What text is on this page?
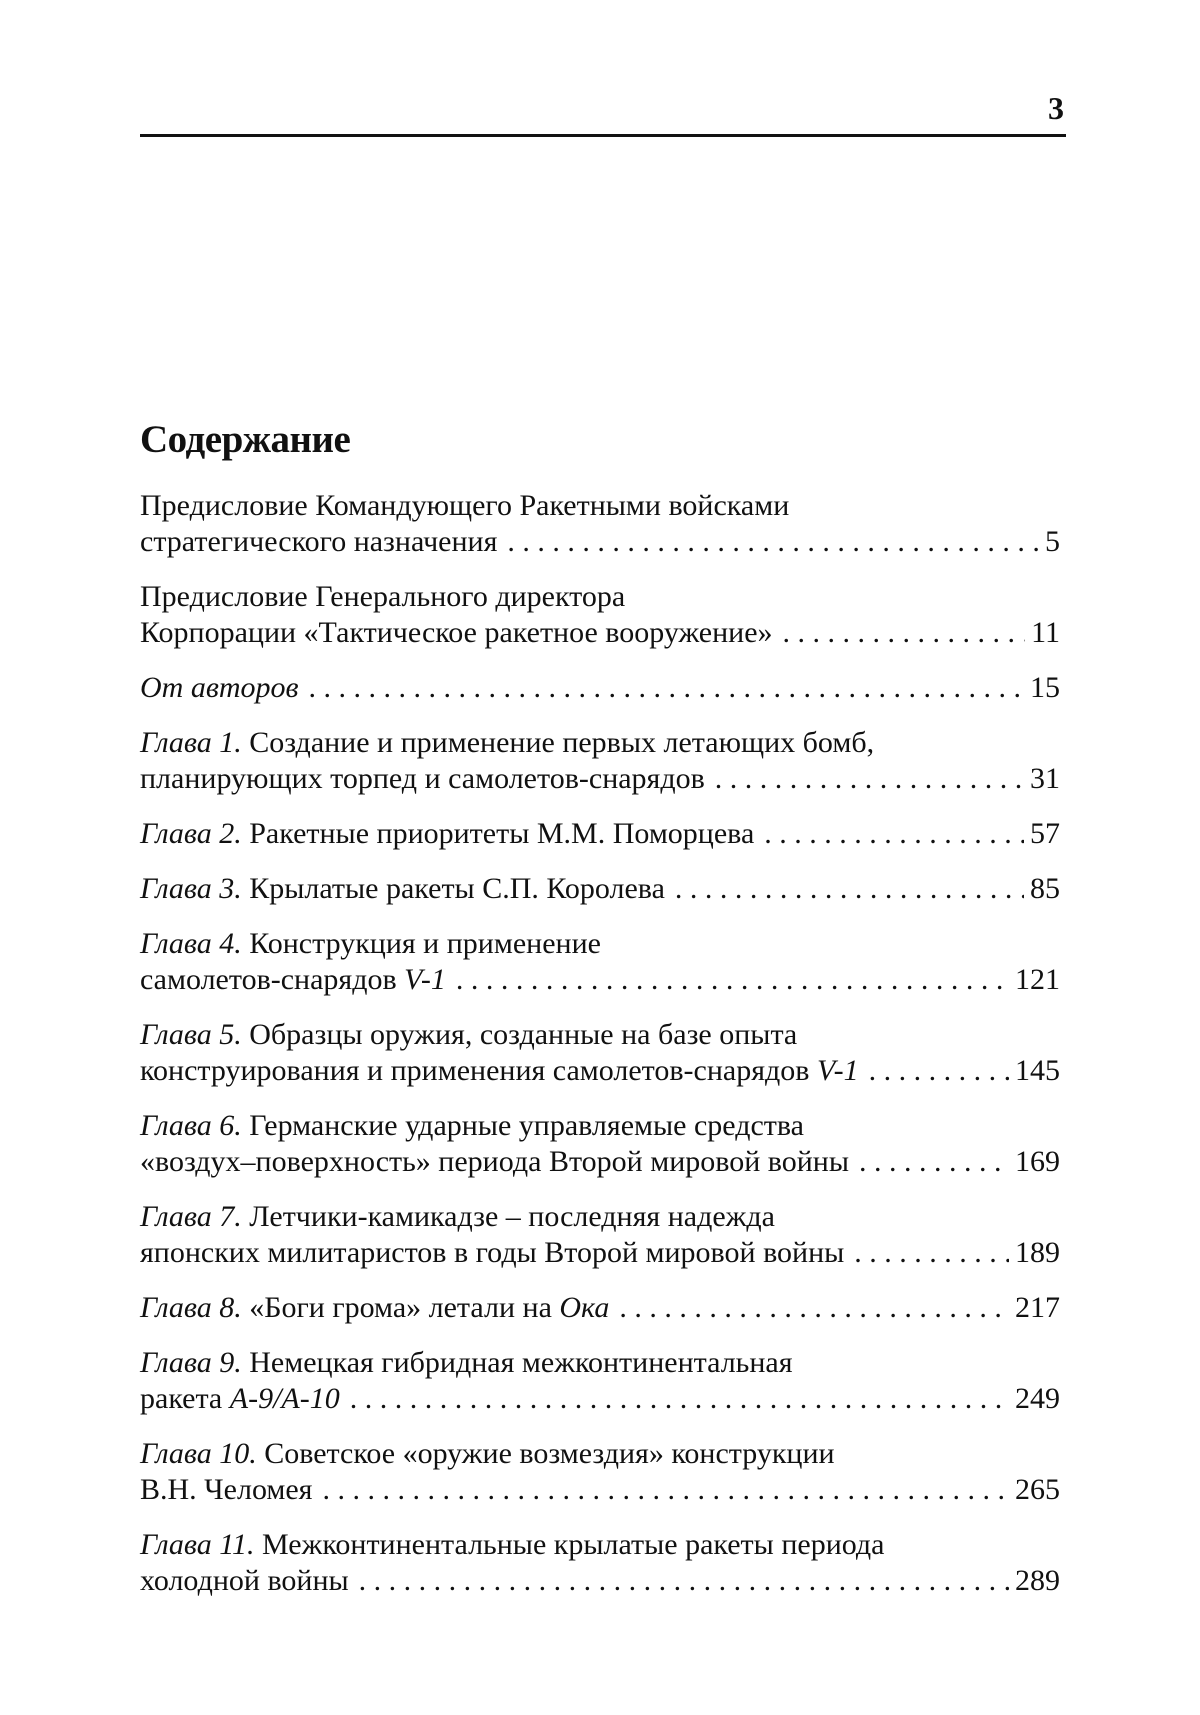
3
Содержание
Предисловие Командующего Ракетными войсками
стратегического назначения . . .	5
Предисловие Генерального директора
Корпорации «Тактическое ракетное вооружение» . . .	11
От авторов . . .	15
Глава 1. Создание и применение первых летающих бомб,
планирующих торпед и самолетов-снарядов . . .	31
Глава 2. Ракетные приоритеты М.М. Поморцева . . .	57
Глава 3. Крылатые ракеты С.П. Королева . . .	85
Глава 4. Конструкция и применение
самолетов-снарядов V-1 . . .	121
Глава 5. Образцы оружия, созданные на базе опыта
конструирования и применения самолетов-снарядов V-1 . . .	145
Глава 6. Германские ударные управляемые средства
«воздух–поверхность» периода Второй мировой войны . . .	169
Глава 7. Летчики-камикадзе – последняя надежда
японских милитаристов в годы Второй мировой войны . . .	189
Глава 8. «Боги грома» летали на Ока . . .	217
Глава 9. Немецкая гибридная межконтинентальная
ракета A-9/A-10 . . .	249
Глава 10. Советское «оружие возмездия» конструкции
В.Н. Челомея . . .	265
Глава 11. Межконтинентальные крылатые ракеты периода
холодной войны . . .	289
